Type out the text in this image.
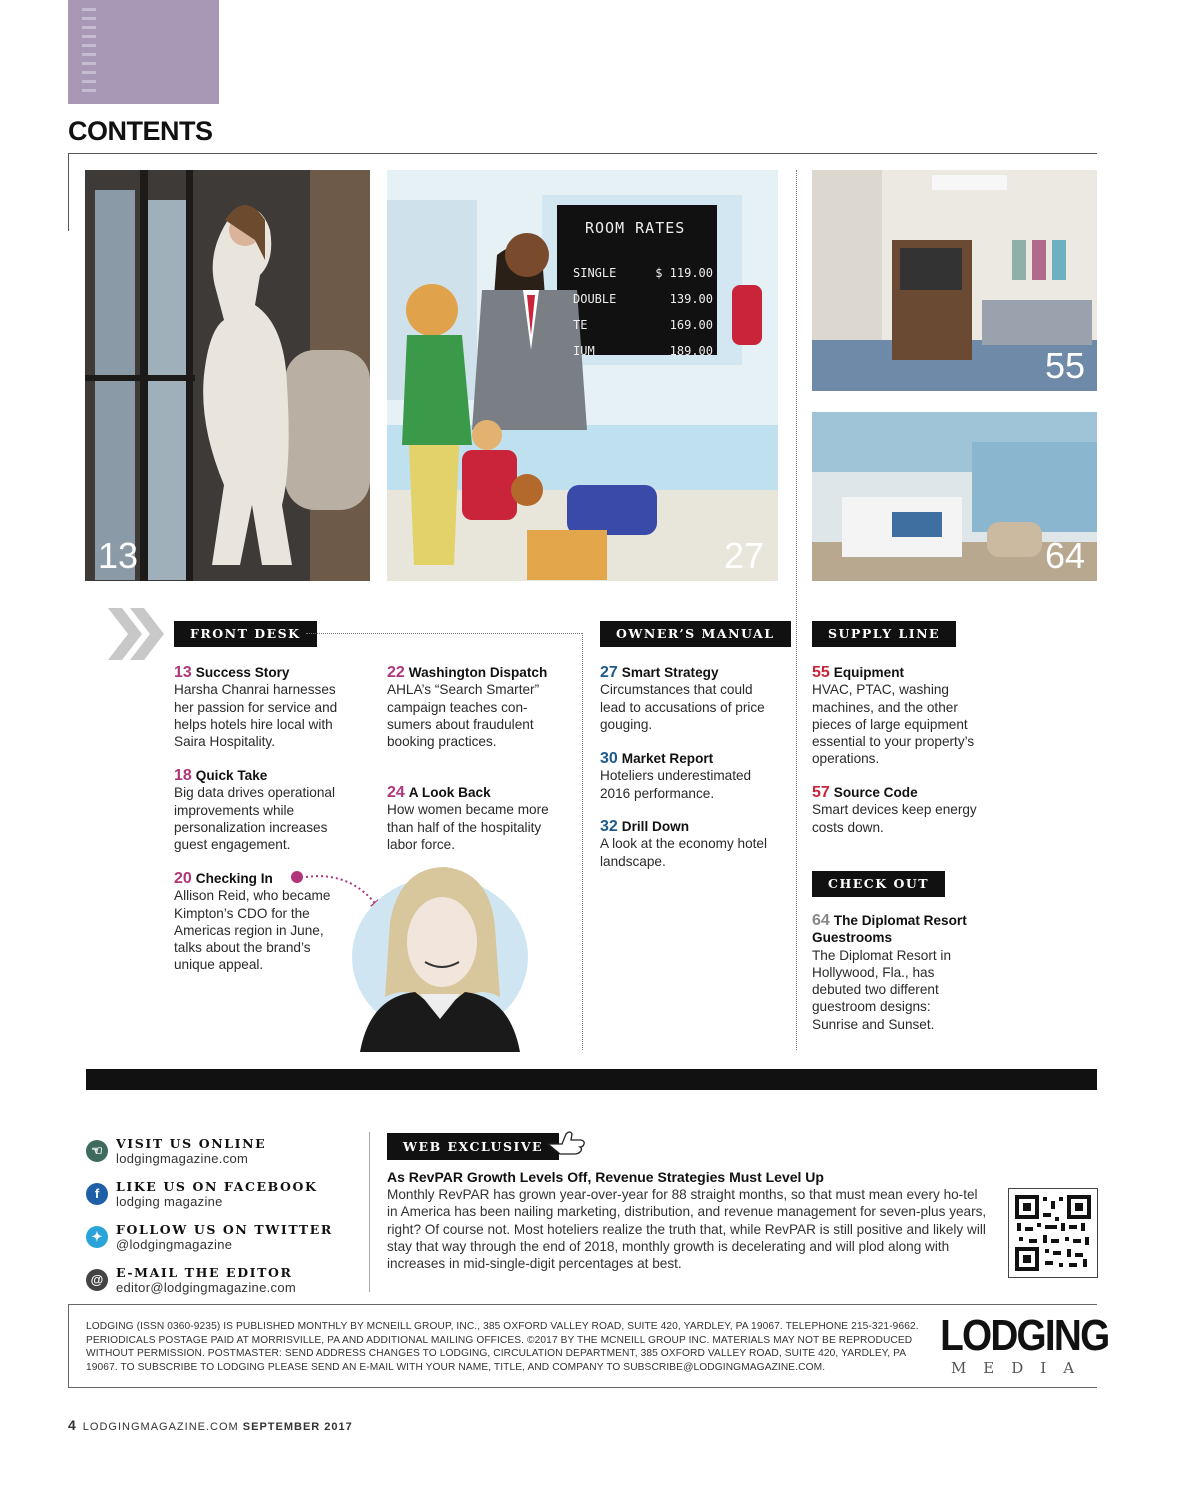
CONTENTS
13
ROOM RATES
SINGLE	$ 119.00
DOUBLE	139.00
TE	169.00
IUM	189.00
27
55
64
FRONT DESK
13 Success Story
Harsha Chanrai harnesses her passion for service and helps hotels hire local with Saira Hospitality.
18 Quick Take
Big data drives operational improvements while personalization increases guest engagement.
20 Checking In
Allison Reid, who became Kimpton’s CDO for the Americas region in June, talks about the brand’s unique appeal.
22 Washington Dispatch
AHLA’s “Search Smarter” campaign teaches con-sumers about fraudulent booking practices.
24 A Look Back
How women became more than half of the hospitality labor force.
OWNER’S MANUAL
27 Smart Strategy
Circumstances that could lead to accusations of price gouging.
30 Market Report
Hoteliers underestimated 2016 performance.
32 Drill Down
A look at the economy hotel landscape.
SUPPLY LINE
55 Equipment
HVAC, PTAC, washing machines, and the other pieces of large equipment essential to your property’s operations.
57 Source Code
Smart devices keep energy costs down.
CHECK OUT
64 The Diplomat Resort Guestrooms
The Diplomat Resort in Hollywood, Fla., has debuted two different guestroom designs: Sunrise and Sunset.
☜	VISIT US ONLINE
lodgingmagazine.com
f	LIKE US ON FACEBOOK
lodging magazine
✦	FOLLOW US ON TWITTER
@lodgingmagazine
@	E-MAIL THE EDITOR
editor@lodgingmagazine.com
WEB EXCLUSIVE
As RevPAR Growth Levels Off, Revenue Strategies Must Level Up
Monthly RevPAR has grown year-over-year for 88 straight months, so that must mean every ho-tel in America has been nailing marketing, distribution, and revenue management for seven-plus years, right? Of course not. Most hoteliers realize the truth that, while RevPAR is still positive and likely will stay that way through the end of 2018, monthly growth is decelerating and will plod along with increases in mid-single-digit percentages at best.
LODGING (ISSN 0360-9235) IS PUBLISHED MONTHLY BY MCNEILL GROUP, INC., 385 OXFORD VALLEY ROAD, SUITE 420, YARDLEY, PA 19067. TELEPHONE 215-321-9662. PERIODICALS POSTAGE PAID AT MORRISVILLE, PA AND ADDITIONAL MAILING OFFICES. ©2017 BY THE MCNEILL GROUP INC. MATERIALS MAY NOT BE REPRODUCED WITHOUT PERMISSION. POSTMASTER: SEND ADDRESS CHANGES TO LODGING, CIRCULATION DEPARTMENT, 385 OXFORD VALLEY ROAD, SUITE 420, YARDLEY, PA 19067. TO SUBSCRIBE TO LODGING PLEASE SEND AN E-MAIL WITH YOUR NAME, TITLE, AND COMPANY TO SUBSCRIBE@LODGINGMAGAZINE.COM.
LODGING
MEDIA
4 LODGINGMAGAZINE.COM SEPTEMBER 2017
